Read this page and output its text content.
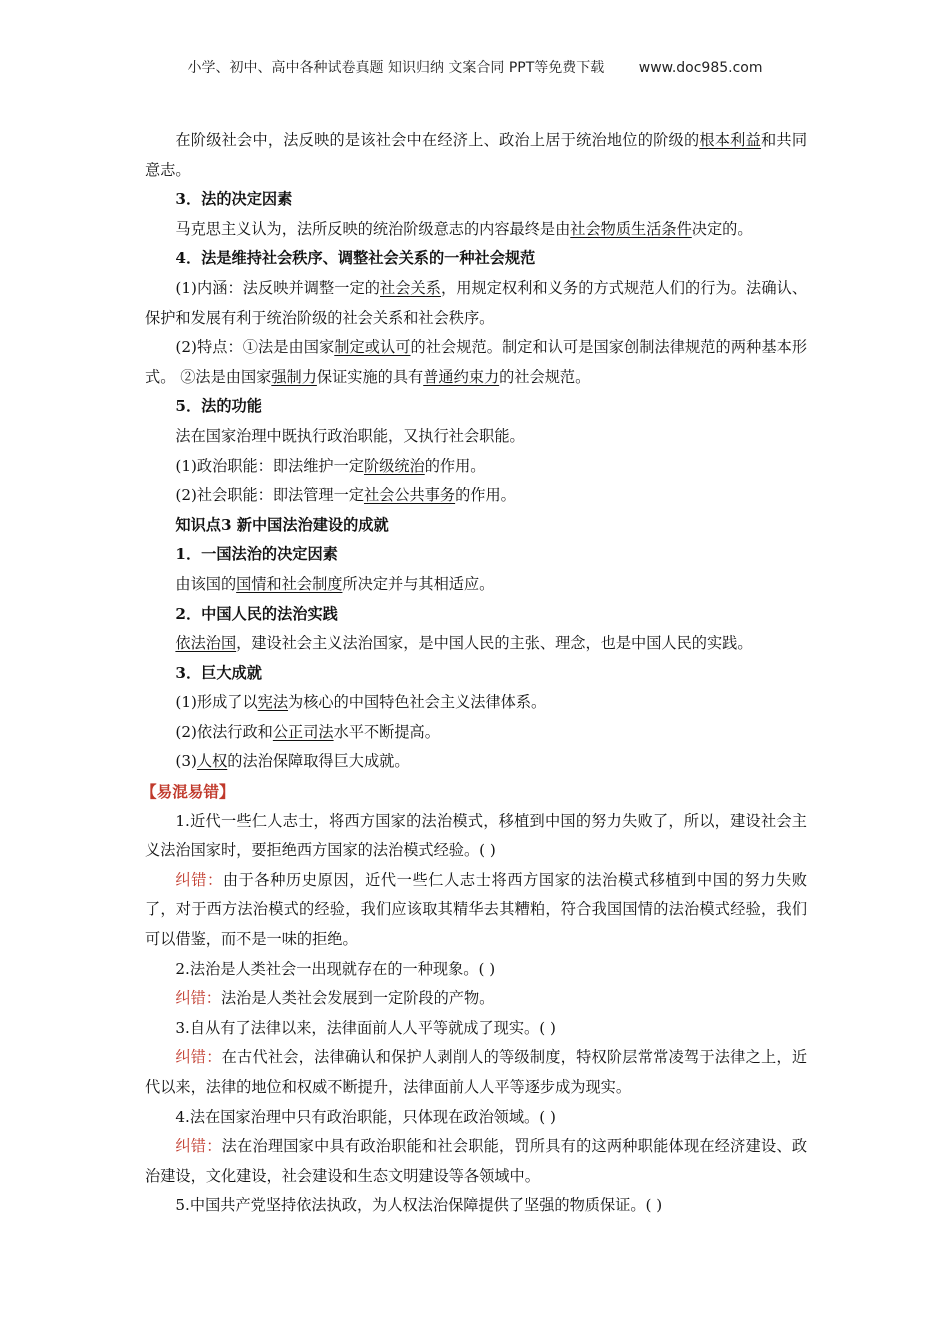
小学、初中、高中各种试卷真题 知识归纳 文案合同 PPT等免费下载 www.doc985.com

在阶级社会中，法反映的是该社会中在经济上、政治上居于统治地位的阶级的根本利益和共同意志。

3．法的决定因素

马克思主义认为，法所反映的统治阶级意志的内容最终是由社会物质生活条件决定的。

4．法是维持社会秩序、调整社会关系的一种社会规范

(1)内涵：法反映并调整一定的社会关系，用规定权利和义务的方式规范人们的行为。法确认、保护和发展有利于统治阶级的社会关系和社会秩序。

(2)特点：①法是由国家制定或认可的社会规范。制定和认可是国家创制法律规范的两种基本形式。 ②法是由国家强制力保证实施的具有普通约束力的社会规范。

5．法的功能

法在国家治理中既执行政治职能，又执行社会职能。

(1)政治职能：即法维护一定阶级统治的作用。

(2)社会职能：即法管理一定社会公共事务的作用。

知识点3 新中国法治建设的成就

1．一国法治的决定因素

由该国的国情和社会制度所决定并与其相适应。

2．中国人民的法治实践

依法治国，建设社会主义法治国家，是中国人民的主张、理念，也是中国人民的实践。

3．巨大成就

(1)形成了以宪法为核心的中国特色社会主义法律体系。

(2)依法行政和公正司法水平不断提高。

(3)人权的法治保障取得巨大成就。

【易混易错】

1.近代一些仁人志士，将西方国家的法治模式，移植到中国的努力失败了，所以，建设社会主义法治国家时，要拒绝西方国家的法治模式经验。( )

纠错：由于各种历史原因，近代一些仁人志士将西方国家的法治模式移植到中国的努力失败了，对于西方法治模式的经验，我们应该取其精华去其糟粕，符合我国国情的法治模式经验，我们可以借鉴，而不是一味的拒绝。

2.法治是人类社会一出现就存在的一种现象。( )

纠错：法治是人类社会发展到一定阶段的产物。

3.自从有了法律以来，法律面前人人平等就成了现实。( )

纠错：在古代社会，法律确认和保护人剥削人的等级制度，特权阶层常常凌驾于法律之上，近代以来，法律的地位和权威不断提升，法律面前人人平等逐步成为现实。

4.法在国家治理中只有政治职能，只体现在政治领域。( )

纠错：法在治理国家中具有政治职能和社会职能，罚所具有的这两种职能体现在经济建设、政治建设，文化建设，社会建设和生态文明建设等各领域中。

5.中国共产党坚持依法执政，为人权法治保障提供了坚强的物质保证。( )
